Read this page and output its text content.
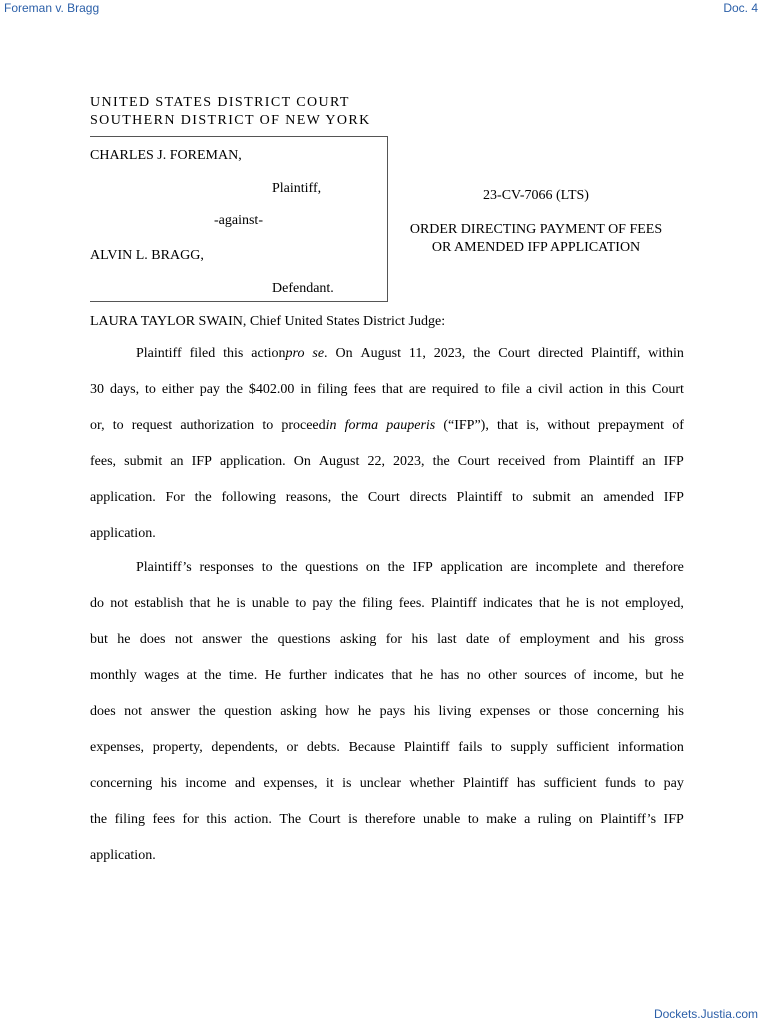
Foreman v. Bragg	Doc. 4
UNITED STATES DISTRICT COURT
SOUTHERN DISTRICT OF NEW YORK
CHARLES J. FOREMAN,
Plaintiff,
-against-
ALVIN L. BRAGG,
Defendant.
23-CV-7066 (LTS)
ORDER DIRECTING PAYMENT OF FEES
OR AMENDED IFP APPLICATION
LAURA TAYLOR SWAIN, Chief United States District Judge:
Plaintiff filed this actionpro se. On August 11, 2023, the Court directed Plaintiff, within
30 days, to either pay the $402.00 in filing fees that are required to file a civil action in this Court
or, to request authorization to proceedin forma pauperis (“IFP”), that is, without prepayment of
fees, submit an IFP application. On August 22, 2023, the Court received from Plaintiff an IFP
application. For the following reasons, the Court directs Plaintiff to submit an amended IFP
application.
Plaintiff’s responses to the questions on the IFP application are incomplete and therefore
do not establish that he is unable to pay the filing fees. Plaintiff indicates that he is not employed,
but he does not answer the questions asking for his last date of employment and his gross
monthly wages at the time. He further indicates that he has no other sources of income, but he
does not answer the question asking how he pays his living expenses or those concerning his
expenses, property, dependents, or debts. Because Plaintiff fails to supply sufficient information
concerning his income and expenses, it is unclear whether Plaintiff has sufficient funds to pay
the filing fees for this action. The Court is therefore unable to make a ruling on Plaintiff’s IFP
application.
Dockets.Justia.com
